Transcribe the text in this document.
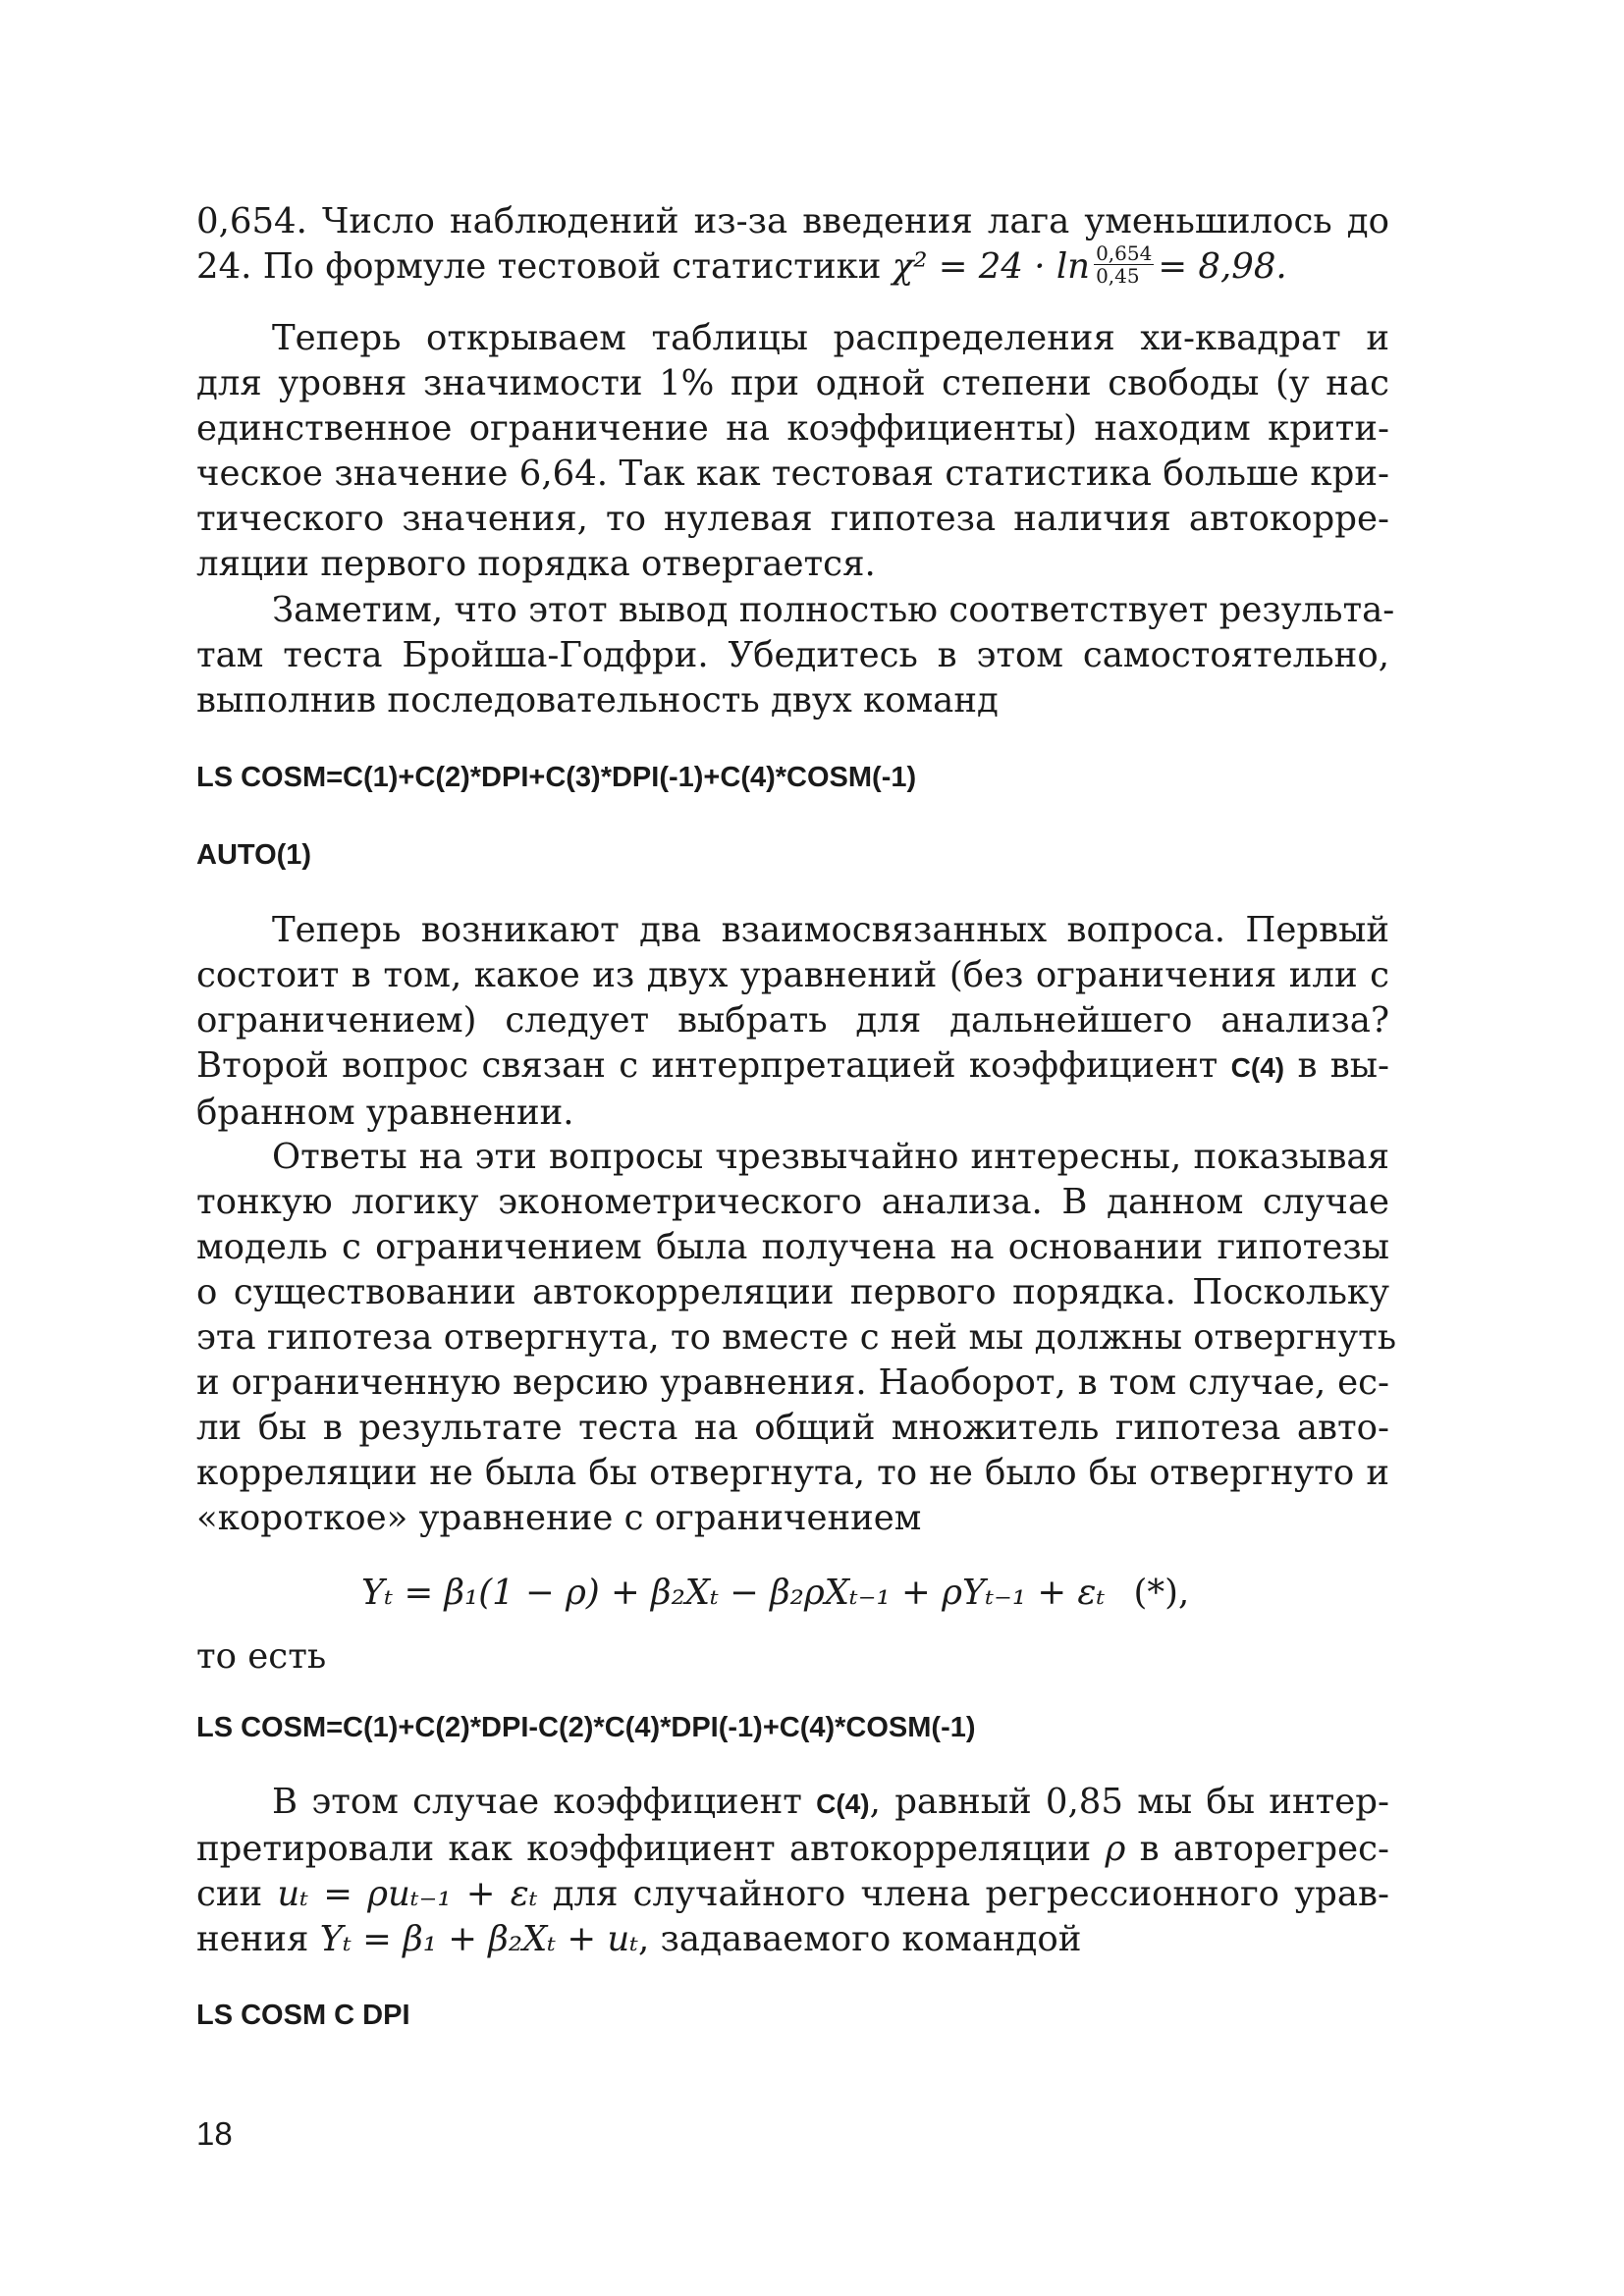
0,654. Число наблюдений из-за введения лага уменьшилось до
24. По формуле тестовой статистики $\chi^2 = 24 \cdot \ln \frac{0,654}{0,45} = 8,98$.
Теперь открываем таблицы распределения хи-квадрат и
для уровня значимости 1% при одной степени свободы (у нас
единственное ограничение на коэффициенты) находим крити-
ческое значение 6,64. Так как тестовая статистика больше кри-
тического значения, то нулевая гипотеза наличия автокорре-
ляции первого порядка отвергается.
Заметим, что этот вывод полностью соответствует результа-
там теста Бройша-Годфри. Убедитесь в этом самостоятельно,
выполнив последовательность двух команд
LS COSM=C(1)+C(2)*DPI+C(3)*DPI(-1)+C(4)*COSM(-1)
AUTO(1)
Теперь возникают два взаимосвязанных вопроса. Первый
состоит в том, какое из двух уравнений (без ограничения или с
ограничением) следует выбрать для дальнейшего анализа?
Второй вопрос связан с интерпретацией коэффициент C(4) в вы-
бранном уравнении.
Ответы на эти вопросы чрезвычайно интересны, показывая
тонкую логику эконометрического анализа. В данном случае
модель с ограничением была получена на основании гипотезы
о существовании автокорреляции первого порядка. Поскольку
эта гипотеза отвергнута, то вместе с ней мы должны отвергнуть
и ограниченную версию уравнения. Наоборот, в том случае, ес-
ли бы в результате теста на общий множитель гипотеза авто-
корреляции не была бы отвергнута, то не было бы отвергнуто и
«короткое» уравнение с ограничением
Yₜ = β₁(1 − ρ) + β₂Xₜ − β₂ρXₜ₋₁ + ρYₜ₋₁ + εₜ (*),
то есть
LS COSM=C(1)+C(2)*DPI-C(2)*C(4)*DPI(-1)+C(4)*COSM(-1)
В этом случае коэффициент C(4), равный 0,85 мы бы интер-
претировали как коэффициент автокорреляции ρ в авторегрес-
сии uₜ = ρuₜ₋₁ + εₜ для случайного члена регрессионного урав-
нения Yₜ = β₁ + β₂Xₜ + uₜ, задаваемого командой
LS COSM C DPI
18
